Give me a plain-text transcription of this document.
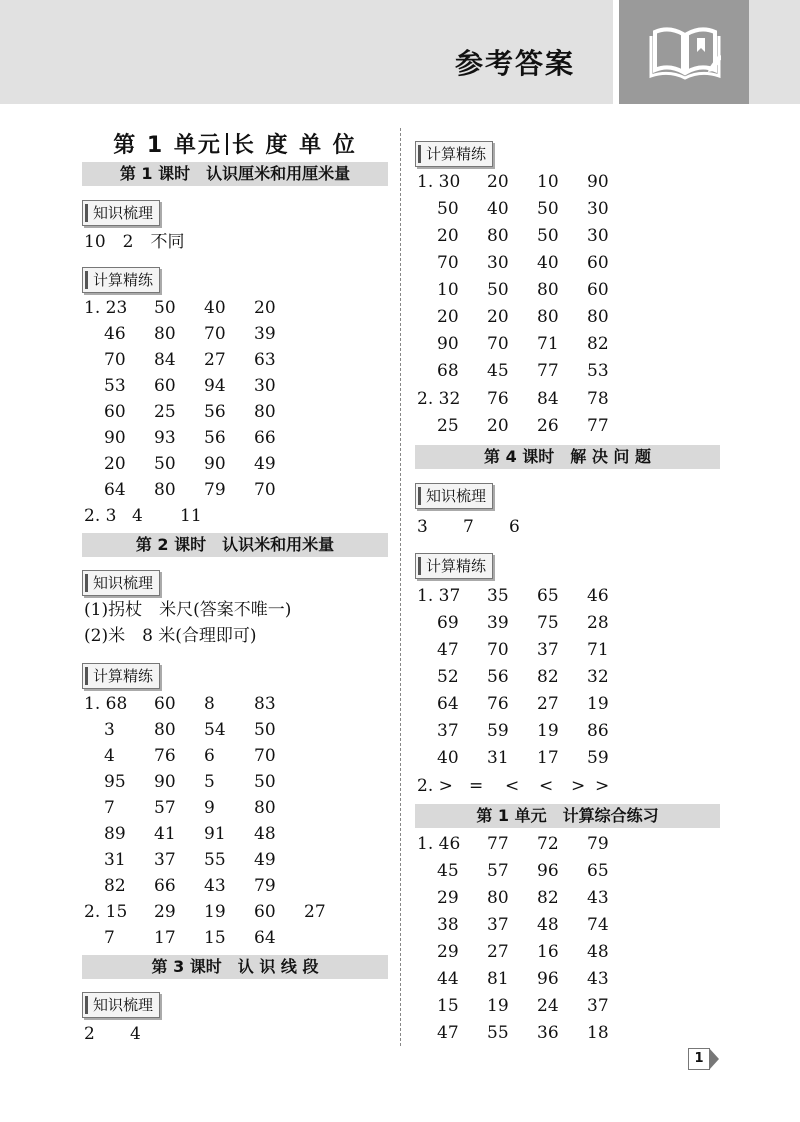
参考答案
第 1 单元 长 度 单 位
第 1 课时　认识厘米和用厘米量
知识梳理
10　2　不同
计算精练
1. 23 50 40 20
46 80 70 39
70 84 27 63
53 60 94 30
60 25 56 80
90 93 56 66
20 50 90 49
64 80 79 70
2. 3 4 11
第 2 课时　认识米和用米量
知识梳理
(1)拐杖　米尺(答案不唯一)
(2)米　8 米(合理即可)
计算精练
1. 68 60 8 83
3 80 54 50
4 76 6 70
95 90 5 50
7 57 9 80
89 41 91 48
31 37 55 49
82 66 43 79
2. 15 29 19 60 27
7 17 15 64
第 3 课时　认 识 线 段
知识梳理
2 4
计算精练
1. 30 20 10 90
50 40 50 30
20 80 50 30
70 30 40 60
10 50 80 60
20 20 80 80
90 70 71 82
68 45 77 53
2. 32 76 84 78
25 20 26 77
第 4 课时　解 决 问 题
知识梳理
3 7 6
计算精练
1. 37 35 65 46
69 39 75 28
47 70 37 71
52 56 82 32
64 76 27 19
37 59 19 86
40 31 17 59
2. > = < < > >
第 1 单元　计算综合练习
1. 46 77 72 79
45 57 96 65
29 80 82 43
38 37 48 74
29 27 16 48
44 81 96 43
15 19 24 37
47 55 36 18
1
